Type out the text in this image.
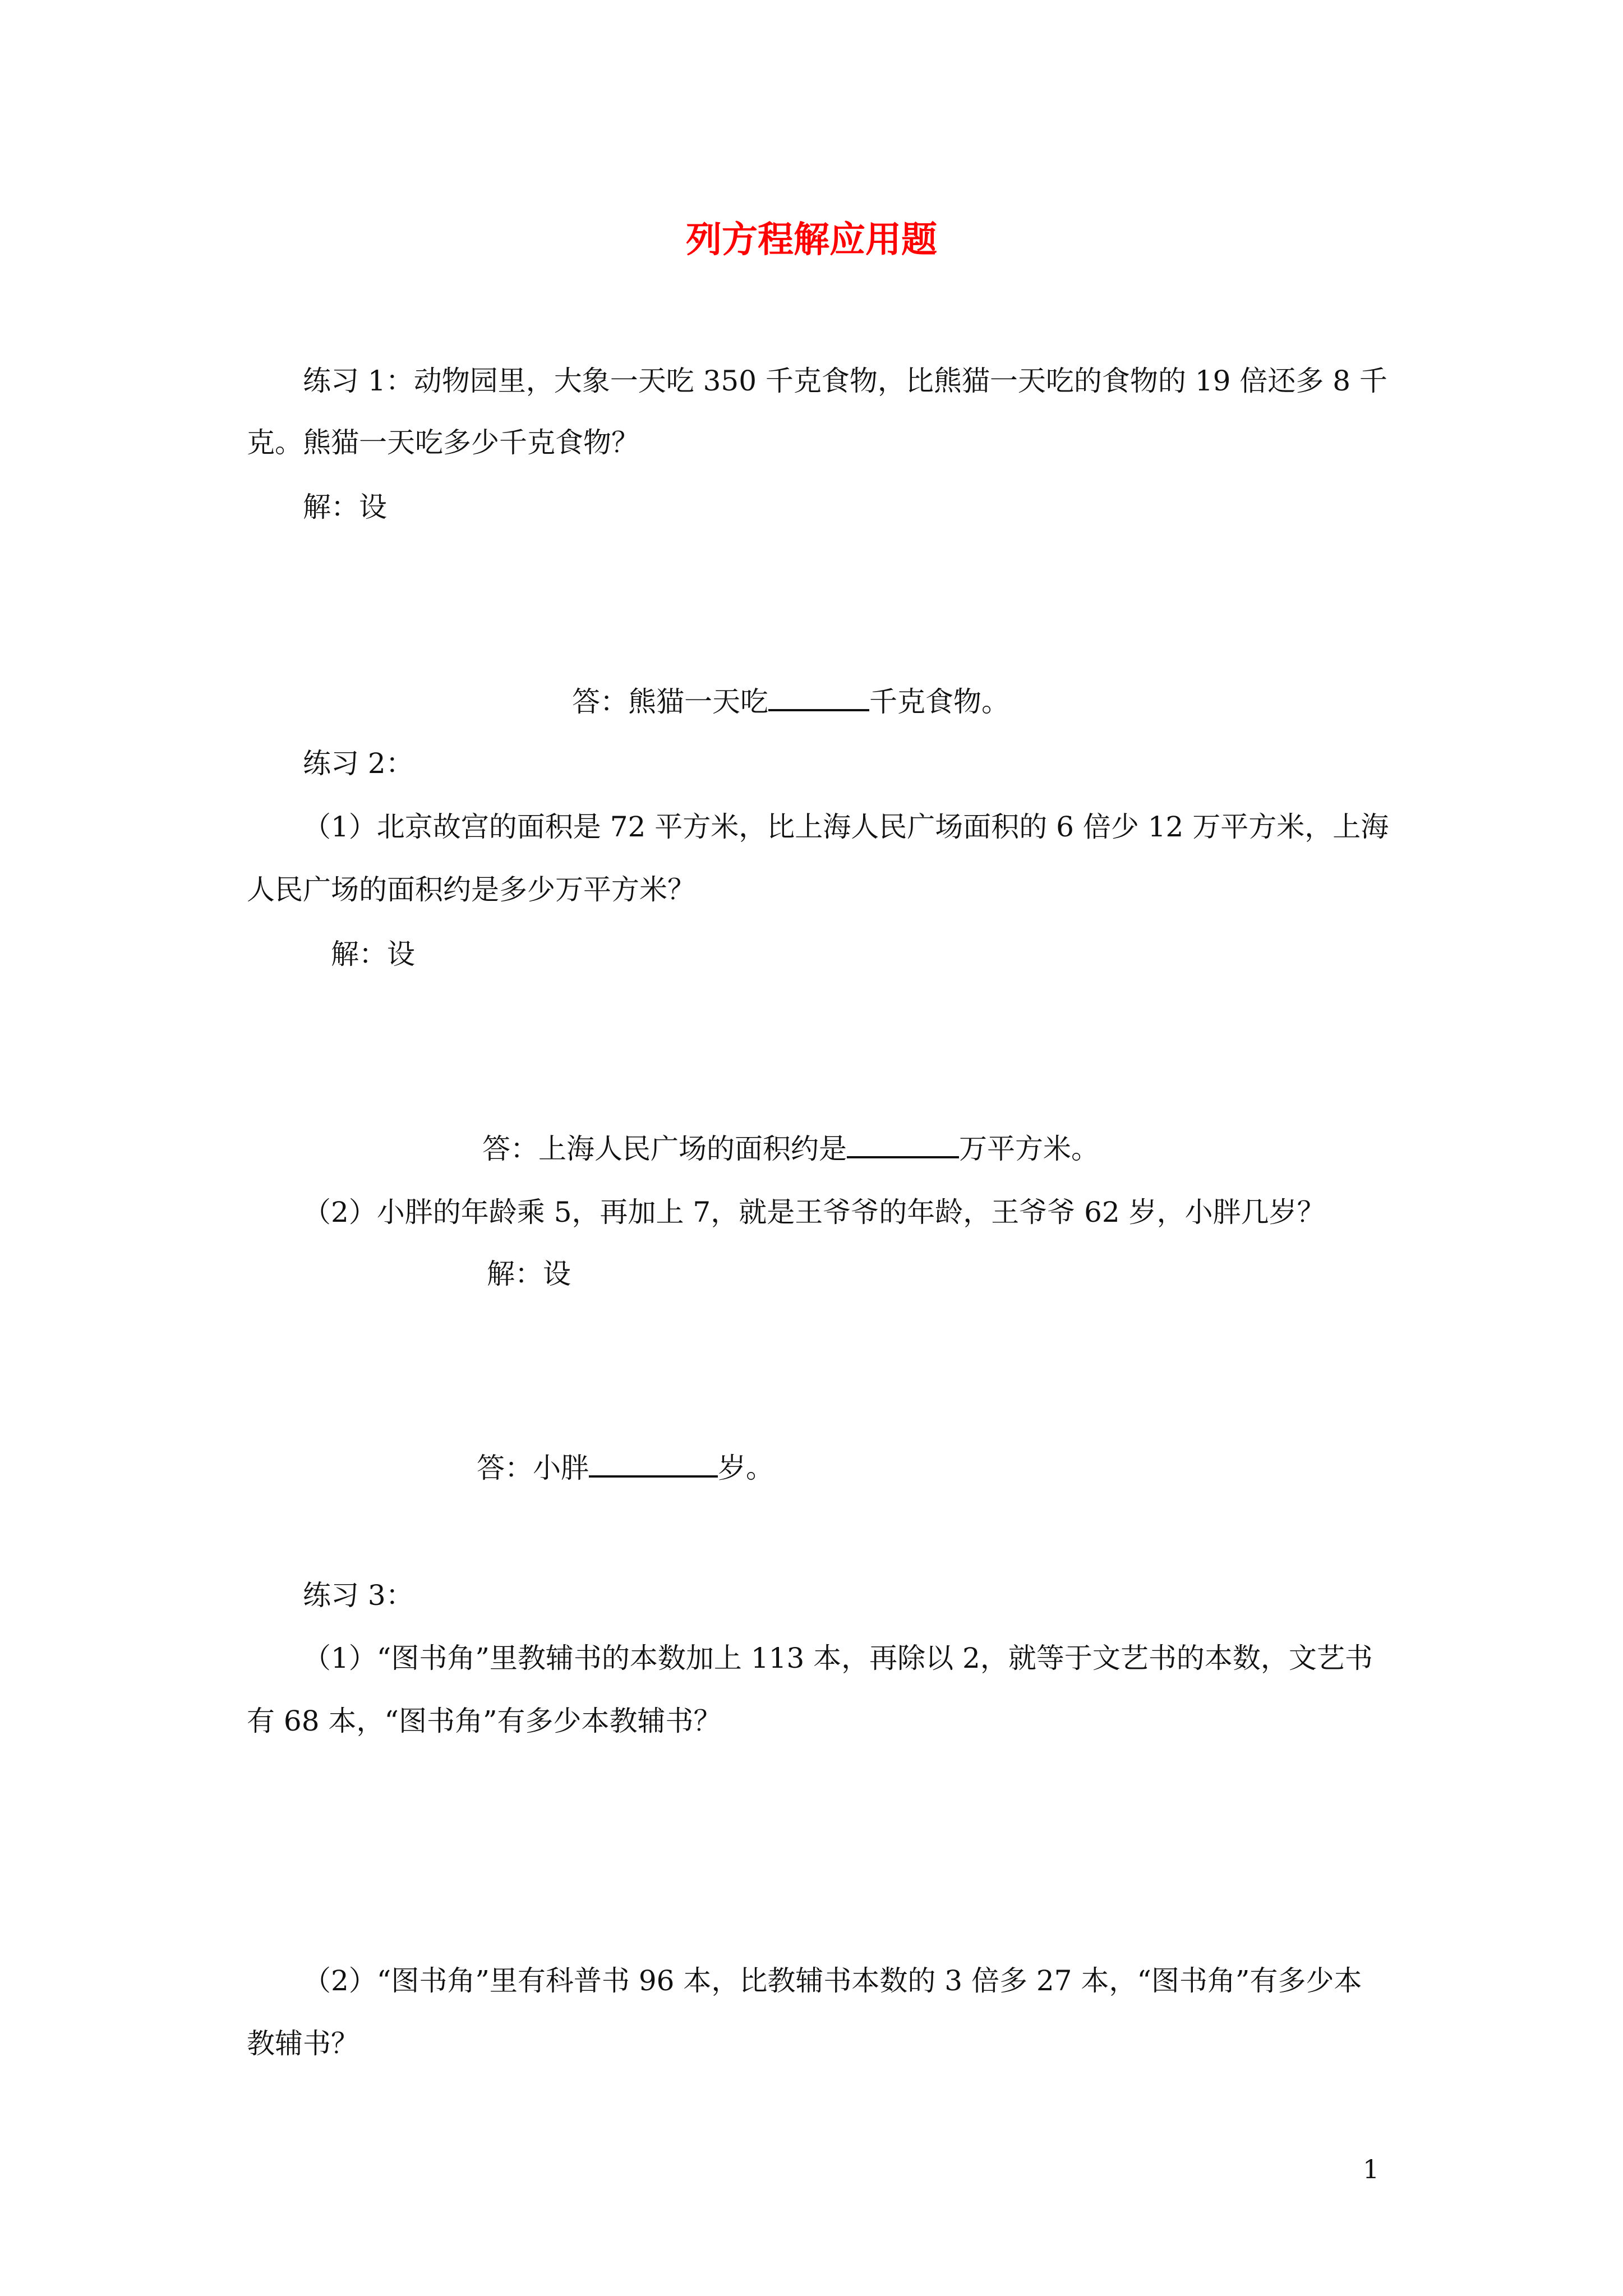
列方程解应用题
练习 1：动物园里，大象一天吃 350 千克食物，比熊猫一天吃的食物的 19 倍还多 8 千
克。熊猫一天吃多少千克食物？
解：设
答：熊猫一天吃	千克食物。
练习 2：
（1）北京故宫的面积是 72 平方米，比上海人民广场面积的 6 倍少 12 万平方米，上海
人民广场的面积约是多少万平方米？
解：设
答：上海人民广场的面积约是	万平方米。
（2）小胖的年龄乘 5，再加上 7，就是王爷爷的年龄，王爷爷 62 岁，小胖几岁？
解：设
答：小胖	岁。
练习 3：
（1）“图书角”里教辅书的本数加上 113 本，再除以 2，就等于文艺书的本数，文艺书
有 68 本，“图书角”有多少本教辅书？
（2）“图书角”里有科普书 96 本，比教辅书本数的 3 倍多 27 本，“图书角”有多少本
教辅书？
1
